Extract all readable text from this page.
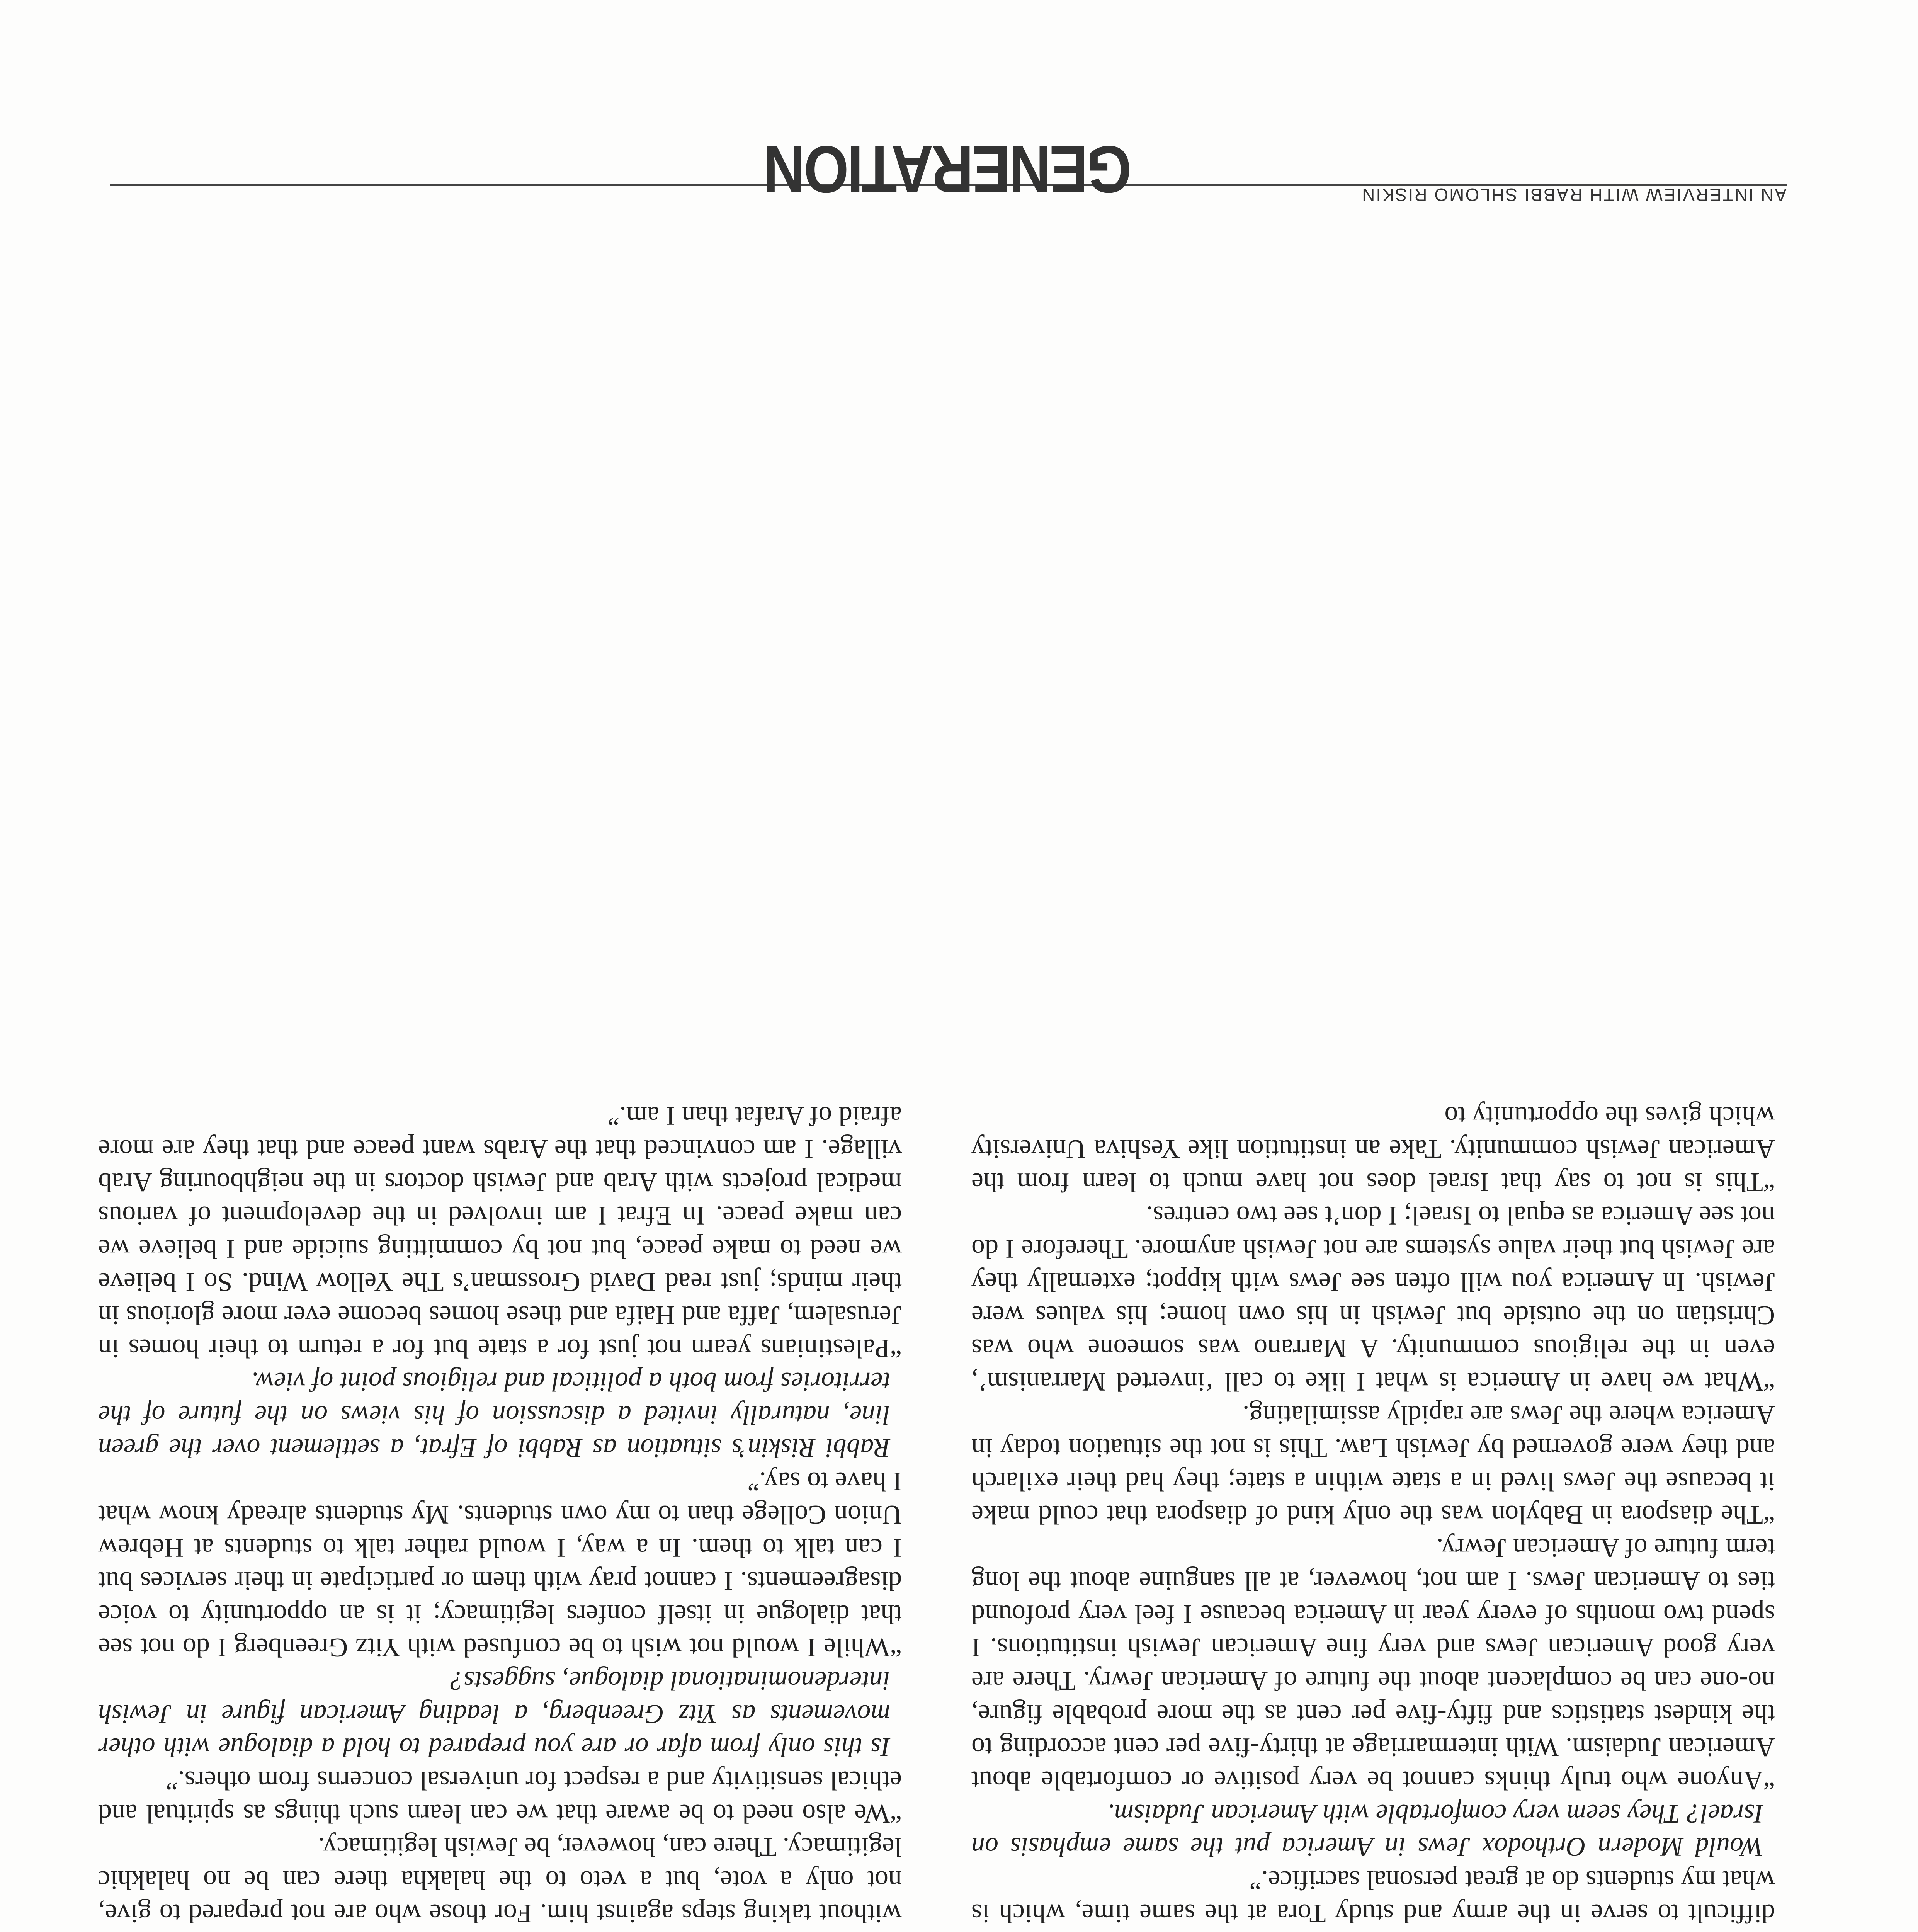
difficult to serve in the army and study Tora at the same time, which is what my students do at great personal sacrifice.”

Would Modern Orthodox Jews in America put the same emphasis on Israel? They seem very comfortable with American Judaism.

“Anyone who truly thinks cannot be very positive or comfortable about American Judaism. With intermarriage at thirty-five per cent according to the kindest statistics and fifty-five per cent as the more probable figure, no-one can be complacent about the future of American Jewry. There are very good American Jews and very fine American Jewish institutions. I spend two months of every year in America because I feel very profound ties to American Jews. I am not, however, at all sanguine about the long term future of American Jewry.

“The diaspora in Babylon was the only kind of diaspora that could make it because the Jews lived in a state within a state; they had their exilarch and they were governed by Jewish Law. This is not the situation today in America where the Jews are rapidly assimilating.

“What we have in America is what I like to call ‘inverted Marranism’, even in the religious community. A Marrano was someone who was Christian on the outside but Jewish in his own home; his values were Jewish. In America you will often see Jews with kippot; externally they are Jewish but their value systems are not Jewish anymore. Therefore I do not see America as equal to Israel; I don’t see two centres.

“This is not to say that Israel does not have much to learn from the American Jewish community. Take an institution like Yeshiva University which gives the opportunity to

without taking steps against him. For those who are not prepared to give, not only a vote, but a veto to the halakha there can be no halakhic legitimacy. There can, however, be Jewish legitimacy.

“We also need to be aware that we can learn such things as spiritual and ethical sensitivity and a respect for universal concerns from others.”

Is this only from afar or are you prepared to hold a dialogue with other movements as Yitz Greenberg, a leading American figure in Jewish interdenominational dialogue, suggests?

“While I would not wish to be confused with Yitz Greenberg I do not see that dialogue in itself confers legitimacy; it is an opportunity to voice disagreements. I cannot pray with them or participate in their services but I can talk to them. In a way, I would rather talk to students at Hebrew Union College than to my own students. My students already know what I have to say.”

Rabbi Riskin’s situation as Rabbi of Efrat, a settlement over the green line, naturally invited a discussion of his views on the future of the territories from both a political and religious point of view.

“Palestinians yearn not just for a state but for a return to their homes in Jerusalem, Jaffa and Haifa and these homes become ever more glorious in their minds; just read David Grossman’s The Yellow Wind. So I believe we need to make peace, but not by committing suicide and I believe we can make peace. In Efrat I am involved in the development of various medical projects with Arab and Jewish doctors in the neighbouring Arab village. I am convinced that the Arabs want peace and that they are more afraid of Arafat than I am.”

AN INTERVIEW WITH RABBI SHLOMO RISKIN
GENERATION
